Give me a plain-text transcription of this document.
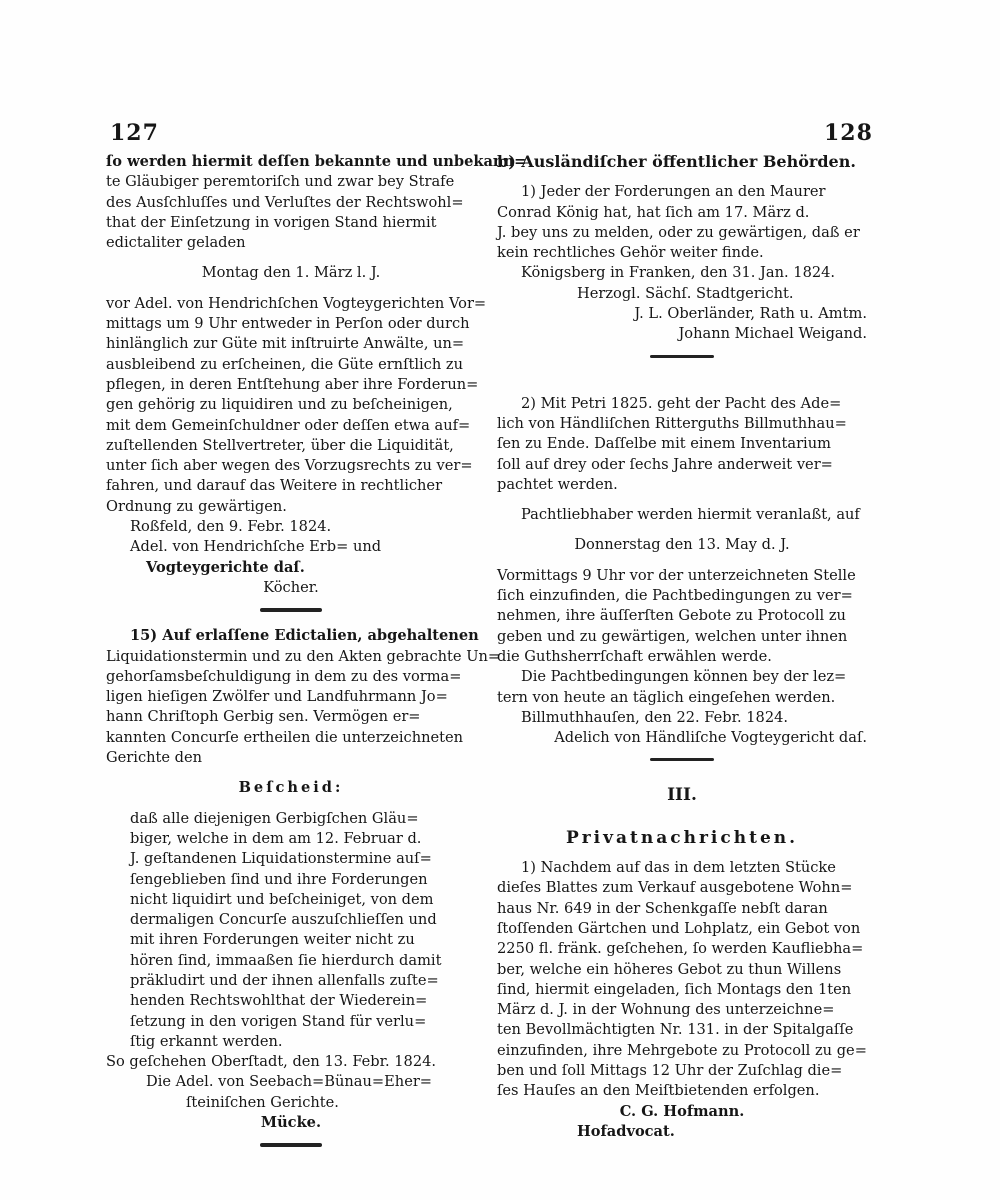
127	128
ſo werden hiermit deſſen bekannte und unbekann=
te Gläubiger peremtoriſch und zwar bey Strafe
des Ausſchluſſes und Verluſtes der Rechtswohl=
that der Einſetzung in vorigen Stand hiermit
edictaliter geladen
Montag den 1. März l. J.
vor Adel. von Hendrichſchen Vogteygerichten Vor=
mittags um 9 Uhr entweder in Perſon oder durch
hinlänglich zur Güte mit inſtruirte Anwälte, un=
ausbleibend zu erſcheinen, die Güte ernſtlich zu
pflegen, in deren Entſtehung aber ihre Forderun=
gen gehörig zu liquidiren und zu beſcheinigen,
mit dem Gemeinſchuldner oder deſſen etwa auf=
zuſtellenden Stellvertreter, über die Liquidität,
unter ſich aber wegen des Vorzugsrechts zu ver=
fahren, und darauf das Weitere in rechtlicher
Ordnung zu gewärtigen.
Roßfeld, den 9. Febr. 1824.
Adel. von Hendrichſche Erb= und
Vogteygerichte daſ.
Köcher.
15) Auf erlaſſene Edictalien, abgehaltenen
Liquidationstermin und zu den Akten gebrachte Un=
gehorſamsbeſchuldigung in dem zu des vorma=
ligen hieſigen Zwölfer und Landfuhrmann Jo=
hann Chriſtoph Gerbig sen. Vermögen er=
kannten Concurſe ertheilen die unterzeichneten
Gerichte den
Beſcheid:
daß alle diejenigen Gerbigſchen Gläu=
biger, welche in dem am 12. Februar d.
J. geſtandenen Liquidationstermine auſ=
ſengeblieben ſind und ihre Forderungen
nicht liquidirt und beſcheiniget, von dem
dermaligen Concurſe auszuſchlieſſen und
mit ihren Forderungen weiter nicht zu
hören ſind, immaaßen ſie hierdurch damit
präkludirt und der ihnen allenfalls zuſte=
henden Rechtswohlthat der Wiederein=
ſetzung in den vorigen Stand für verlu=
ſtig erkannt werden.
So geſchehen Oberſtadt, den 13. Febr. 1824.
Die Adel. von Seebach=Bünau=Eher=
ſteiniſchen Gerichte.
Mücke.
b) Ausländiſcher öffentlicher Behörden.
1) Jeder der Forderungen an den Maurer
Conrad König hat, hat ſich am 17. März d.
J. bey uns zu melden, oder zu gewärtigen, daß er
kein rechtliches Gehör weiter finde.
Königsberg in Franken, den 31. Jan. 1824.
Herzogl. Sächſ. Stadtgericht.
J. L. Oberländer, Rath u. Amtm.
Johann Michael Weigand.
2) Mit Petri 1825. geht der Pacht des Ade=
lich von Händliſchen Ritterguths Billmuthhau=
ſen zu Ende. Daſſelbe mit einem Inventarium
ſoll auf drey oder ſechs Jahre anderweit ver=
pachtet werden.
Pachtliebhaber werden hiermit veranlaßt, auf
Donnerstag den 13. May d. J.
Vormittags 9 Uhr vor der unterzeichneten Stelle
ſich einzufinden, die Pachtbedingungen zu ver=
nehmen, ihre äuſſerſten Gebote zu Protocoll zu
geben und zu gewärtigen, welchen unter ihnen
die Guthsherrſchaft erwählen werde.
Die Pachtbedingungen können bey der lez=
tern von heute an täglich eingeſehen werden.
Billmuthhauſen, den 22. Febr. 1824.
Adelich von Händliſche Vogteygericht daſ.
III.
Privatnachrichten.
1) Nachdem auf das in dem letzten Stücke
dieſes Blattes zum Verkauf ausgebotene Wohn=
haus Nr. 649 in der Schenkgaſſe nebſt daran
ſtoſſenden Gärtchen und Lohplatz, ein Gebot von
2250 fl. fränk. geſchehen, ſo werden Kaufliebha=
ber, welche ein höheres Gebot zu thun Willens
ſind, hiermit eingeladen, ſich Montags den 1ten
März d. J. in der Wohnung des unterzeichne=
ten Bevollmächtigten Nr. 131. in der Spitalgaſſe
einzufinden, ihre Mehrgebote zu Protocoll zu ge=
ben und ſoll Mittags 12 Uhr der Zuſchlag die=
ſes Hauſes an den Meiſtbietenden erfolgen.
C. G. Hofmann.
Hofadvocat.
